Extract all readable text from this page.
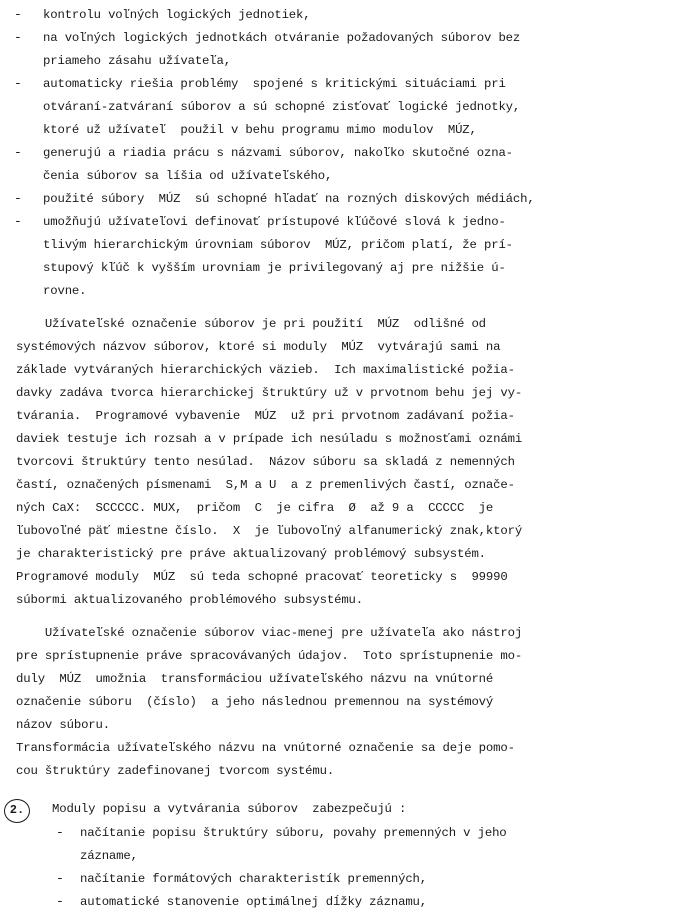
- kontrolu voľných logických jednotiek,
- na voľných logických jednotkách otváranie požadovaných súborov bez
priameho zásahu užívateľa,
- automaticky riešia problémy  spojené s kritickými situáciami pri
otváraní-zatváraní súborov a sú schopné zisťovať logické jednotky,
ktoré už užívateľ  použil v behu programu mimo modulov  MÚZ,
- generujú a riadia prácu s názvami súborov, nakoľko skutočné ozna-
čenia súborov sa líšia od užívateľského,
- použité súbory  MÚZ  sú schopné hľadať na rozných diskových médiách,
- umožňujú užívateľovi definovať prístupové kľúčové slová k jedno-
tlivým hierarchickým úrovniam súborov  MÚZ, pričom platí, že prí-
stupový kľúč k vyšším urovniam je privilegovaný aj pre nižšie ú-
rovne.
Užívateľské označenie súborov je pri použití  MÚZ  odlišné od
systémových názvov súborov, ktoré si moduly  MÚZ  vytvárajú sami na
základe vytváraných hierarchických väzieb.  Ich maximalistické požia-
davky zadáva tvorca hierarchickej štruktúry už v prvotnom behu jej vy-
tvárania.  Programové vybavenie  MÚZ  už pri prvotnom zadávaní požia-
daviek testuje ich rozsah a v prípade ich nesúladu s možnosťami oznámi
tvorcovi štruktúry tento nesúlad.  Názov súboru sa skladá z nemenných
častí, označených písmenami  S,M a U  a z premenlivých častí, označe-
ných CaX:  SCCCCC. MUX,  pričom  C  je cifra  Ø  až 9 a  CCCCC  je
ľubovoľné päť miestne číslo.  X  je ľubovoľný alfanumerický znak,ktorý
je charakteristický pre práve aktualizovaný problémový subsystém.
Programové moduly  MÚZ  sú teda schopné pracovať teoreticky s  99990
súbormi aktualizovaného problémového subsystému.
Užívateľské označenie súborov viac-menej pre užívateľa ako nástroj
pre sprístupnenie práve spracovávaných údajov.  Toto sprístupnenie mo-
duly  MÚZ  umožnia  transformáciou užívateľského názvu na vnútorné
označenie súboru  (číslo)  a jeho následnou premennou na systémový
názov súboru.
Transformácia užívateľského názvu na vnútorné označenie sa deje pomo-
cou štruktúry zadefinovanej tvorcom systému.
2.	Moduly popisu a vytvárania súborov  zabezpečujú :
- načítanie popisu štruktúry súboru, povahy premenných v jeho
zázname,
- načítanie formátových charakteristík premenných,
- automatické stanovenie optimálnej dĺžky záznamu,
